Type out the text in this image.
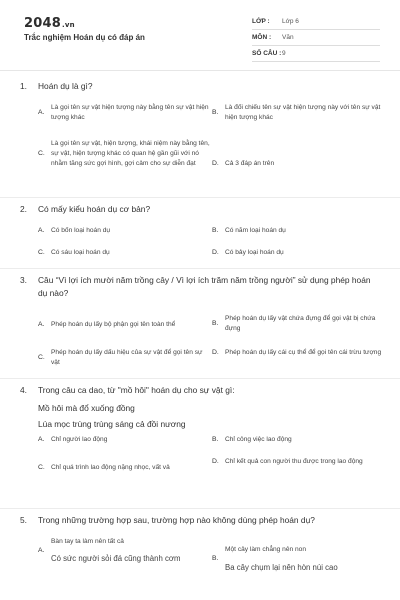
2048.vn
Trắc nghiệm Hoán dụ có đáp án
LỚP :	Lớp 6
MÔN :	Văn
SỐ CÂU : 9
1.	Hoán dụ là gì?
A.
Là gọi tên sự vật hiện tượng này bằng tên sự vật hiện tượng khác
B.
Là đối chiếu tên sự vật hiện tượng này với tên sự vật hiện tượng khác
C.
Là gọi tên sự vật, hiện tượng, khái niệm này bằng tên, sự vật, hiện tượng khác có quan hệ gần gũi với nó nhằm tăng sức gợi hình, gợi cảm cho sự diễn đạt	D. Cả 3 đáp án trên
2.	Có mấy kiểu hoán dụ cơ bản?
A. Có bốn loại hoán dụ	B. Có năm loại hoán dụ
C. Có sáu loại hoán dụ	D. Có bảy loại hoán dụ
3.	Câu “Vì lợi ích mười năm trồng cây / Vì lợi ích trăm năm trồng người” sử dụng phép hoán dụ nào?
A. Phép hoán dụ lấy bộ phận gọi tên toàn thể	B.
Phép hoán dụ lấy vật chứa đựng để gọi vật bị chứa đựng
C.
Phép hoán dụ lấy dấu hiệu của sự vật để gọi tên sự vật
D. Phép hoán dụ lấy cái cụ thể để gọi tên cái trừu tượng
4.	Trong câu ca dao, từ "mồ hôi" hoán dụ cho sự vật gì:
Mồ hôi mà đổ xuống đồng
Lúa mọc trùng trùng sáng cả đồi nương
A. Chỉ người lao động	B. Chỉ công việc lao động
C. Chỉ quá trình lao động nặng nhọc, vất vả
D. Chỉ kết quả con người thu được trong lao động
5.	Trong những trường hợp sau, trường hợp nào không dùng phép hoán dụ?
A.
Bàn tay ta làm nên tất cả
Có sức người sỏi đá cũng thành cơm	B.
Một cây làm chẳng nên non
Ba cây chụm lại nên hòn núi cao
